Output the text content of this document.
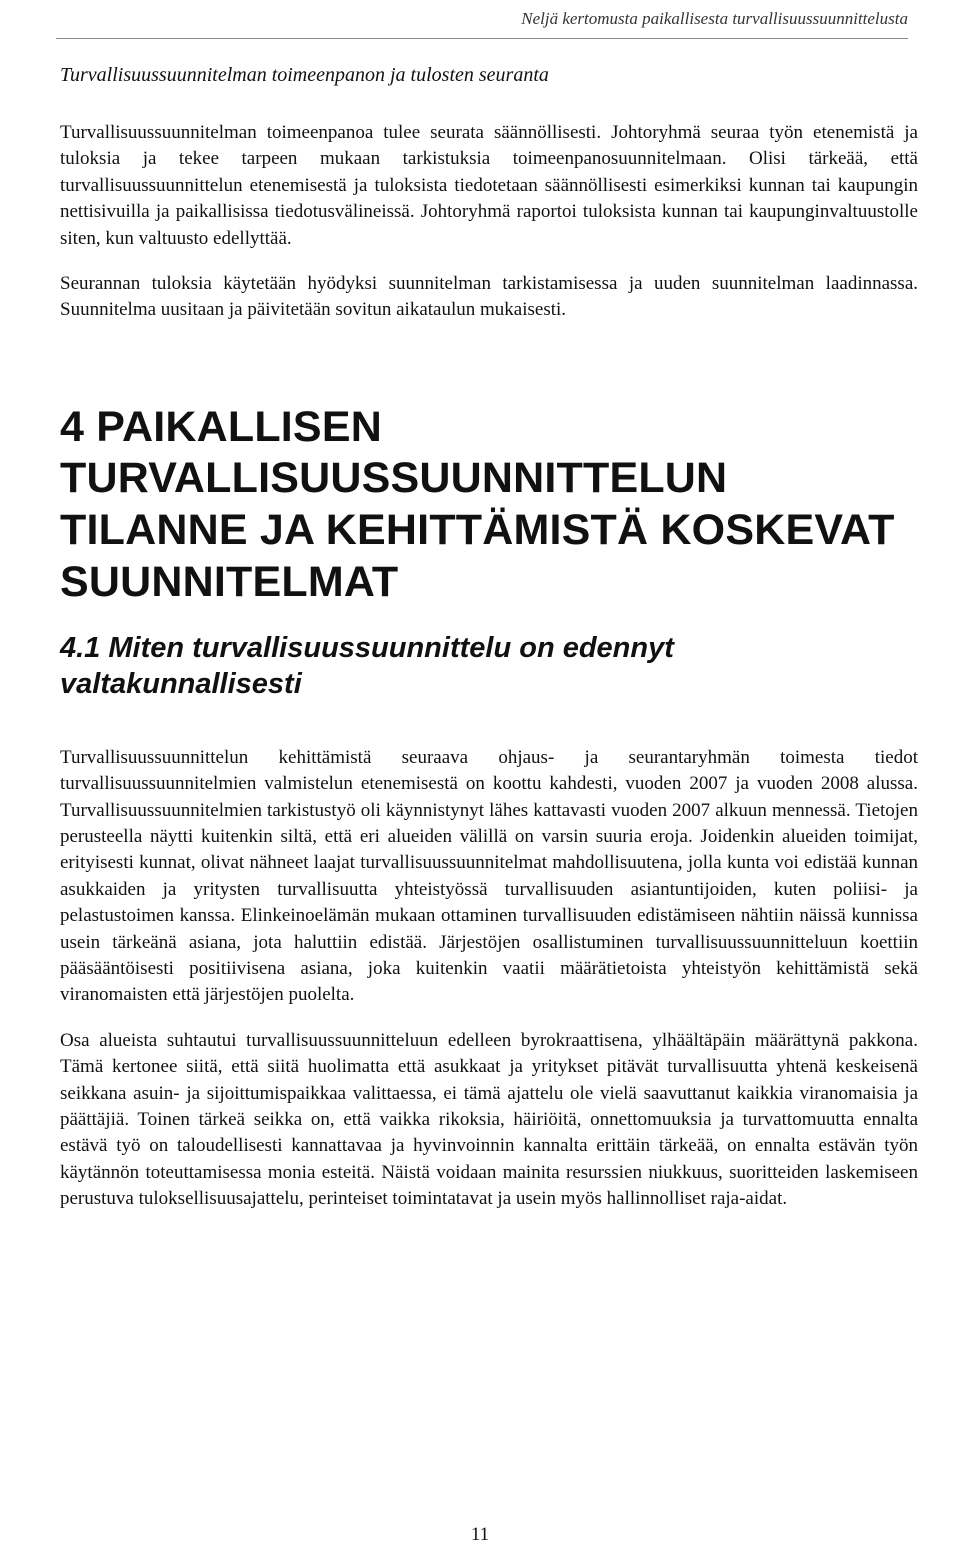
Neljä kertomusta paikallisesta turvallisuussuunnittelusta
Turvallisuussuunnitelman toimeenpanon ja tulosten seuranta

Turvallisuussuunnitelman toimeenpanoa tulee seurata säännöllisesti. Johtoryhmä seuraa työn etenemistä ja tuloksia ja tekee tarpeen mukaan tarkistuksia toimeenpanosuunnitelmaan. Olisi tärkeää, että turvallisuussuunnittelun etenemisestä ja tuloksista tiedotetaan säännöllisesti esimerkiksi kunnan tai kaupungin nettisivuilla ja paikallisissa tiedotusvälineissä. Johtoryhmä raportoi tuloksista kunnan tai kaupunginvaltuustolle siten, kun valtuusto edellyttää.

Seurannan tuloksia käytetään hyödyksi suunnitelman tarkistamisessa ja uuden suunnitelman laadinnassa. Suunnitelma uusitaan ja päivitetään sovitun aikataulun mukaisesti.

4 PAIKALLISEN TURVALLISUUSSUUNNITTELUN TILANNE JA KEHITTÄMISTÄ KOSKEVAT SUUNNITELMAT
4.1 Miten turvallisuussuunnittelu on edennyt valtakunnallisesti

Turvallisuussuunnittelun kehittämistä seuraava ohjaus- ja seurantaryhmän toimesta tiedot turvallisuussuunnitelmien valmistelun etenemisestä on koottu kahdesti, vuoden 2007 ja vuoden 2008 alussa. Turvallisuussuunnitelmien tarkistustyö oli käynnistynyt lähes kattavasti vuoden 2007 alkuun mennessä. Tietojen perusteella näytti kuitenkin siltä, että eri alueiden välillä on varsin suuria eroja. Joidenkin alueiden toimijat, erityisesti kunnat, olivat nähneet laajat turvallisuussuunnitelmat mahdollisuutena, jolla kunta voi edistää kunnan asukkaiden ja yritysten turvallisuutta yhteistyössä turvallisuuden asiantuntijoiden, kuten poliisi- ja pelastustoimen kanssa. Elinkeinoelämän mukaan ottaminen turvallisuuden edistämiseen nähtiin näissä kunnissa usein tärkeänä asiana, jota haluttiin edistää. Järjestöjen osallistuminen turvallisuussuunnitteluun koettiin pääsääntöisesti positiivisena asiana, joka kuitenkin vaatii määrätietoista yhteistyön kehittämistä sekä viranomaisten että järjestöjen puolelta.

Osa alueista suhtautui turvallisuussuunnitteluun edelleen byrokraattisena, ylhäältäpäin määrättynä pakkona. Tämä kertonee siitä, että siitä huolimatta että asukkaat ja yritykset pitävät turvallisuutta yhtenä keskeisenä seikkana asuin- ja sijoittumispaikkaa valittaessa, ei tämä ajattelu ole vielä saavuttanut kaikkia viranomaisia ja päättäjiä. Toinen tärkeä seikka on, että vaikka rikoksia, häiriöitä, onnettomuuksia ja turvattomuutta ennalta estävä työ on taloudellisesti kannattavaa ja hyvinvoinnin kannalta erittäin tärkeää, on ennalta estävän työn käytännön toteuttamisessa monia esteitä. Näistä voidaan mainita resurssien niukkuus, suoritteiden laskemiseen perustuva tuloksellisuusajattelu, perinteiset toimintatavat ja usein myös hallinnolliset raja-aidat.

11
